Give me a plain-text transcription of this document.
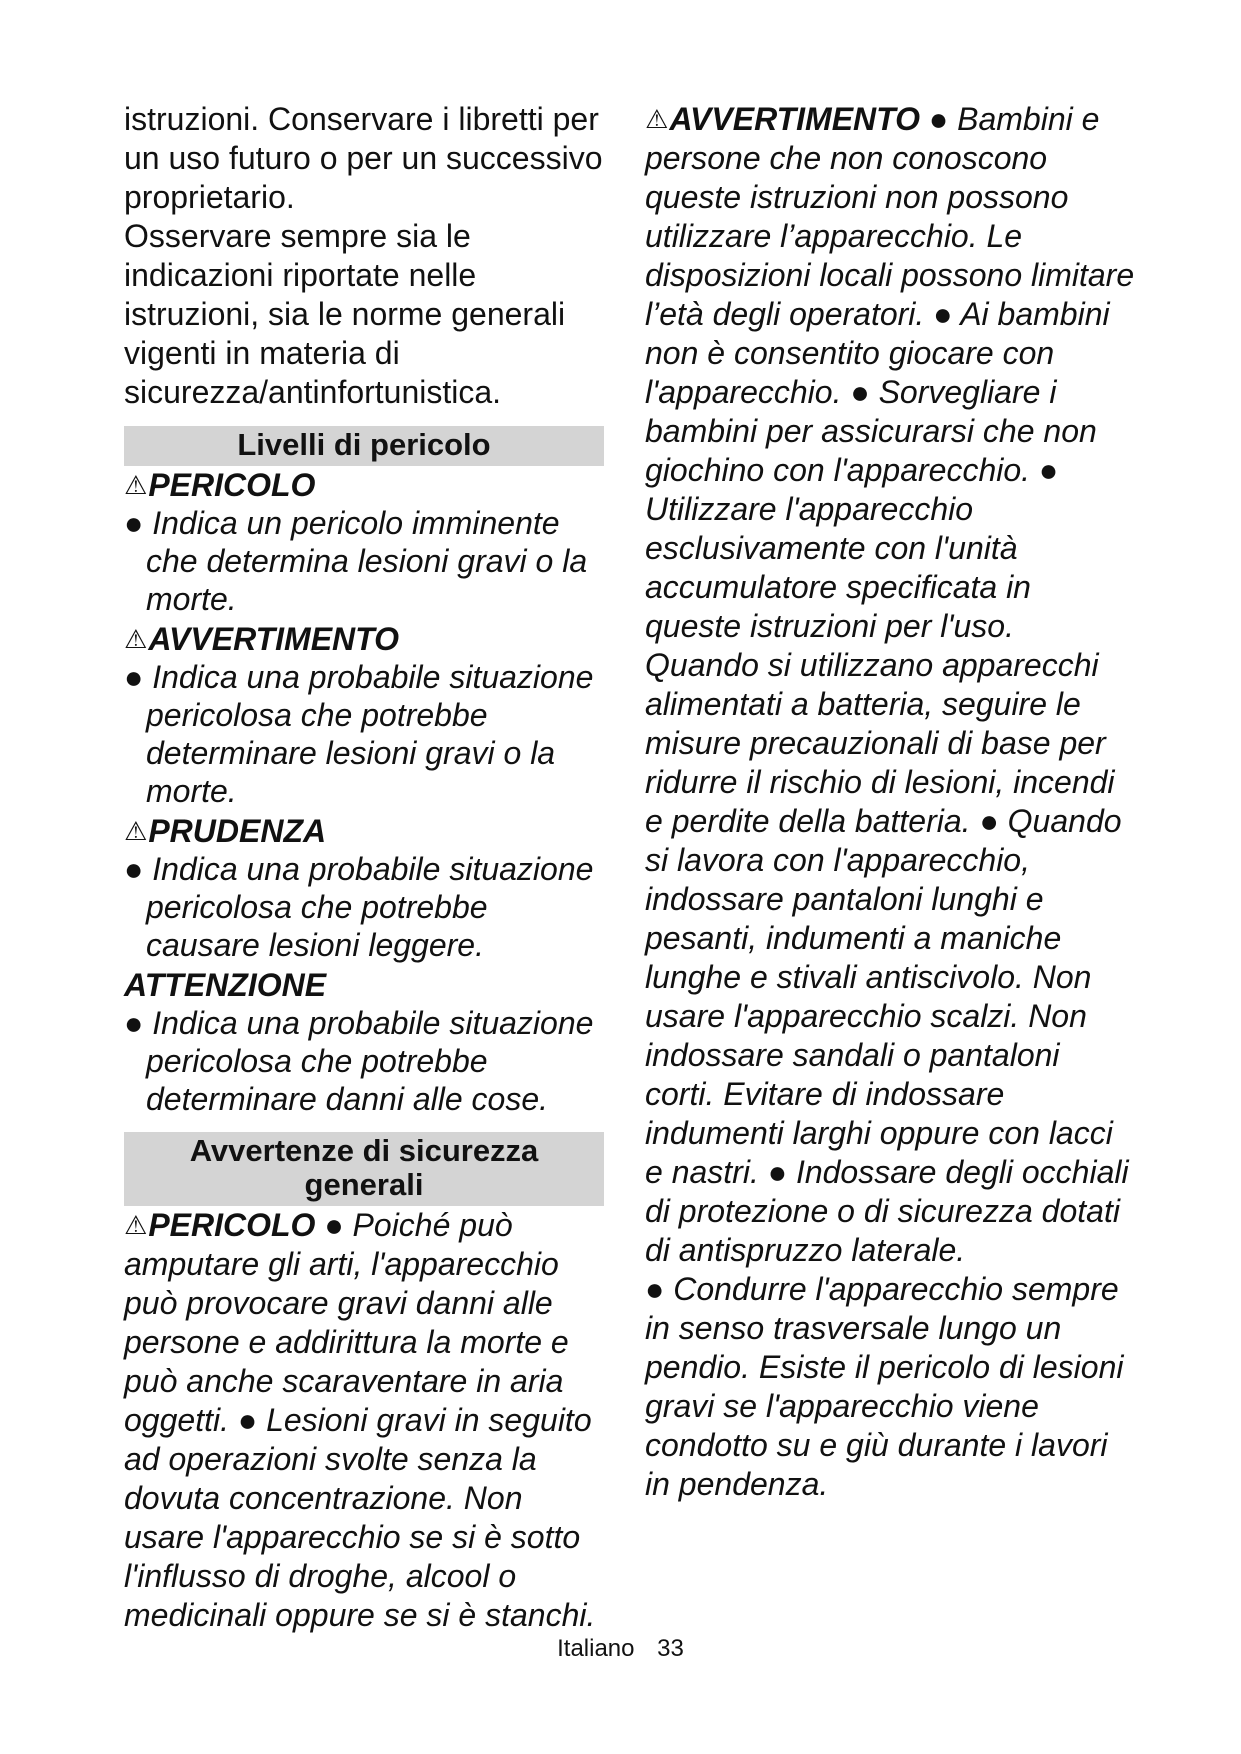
istruzioni. Conservare i libretti per un uso futuro o per un successivo proprietario.

Osservare sempre sia le indicazioni riportate nelle istruzioni, sia le norme generali vigenti in materia di sicurezza/antinfortunistica.

Livelli di pericolo

⚠PERICOLO

● Indica un pericolo imminente che determina lesioni gravi o la morte.

⚠AVVERTIMENTO

● Indica una probabile situazione pericolosa che potrebbe determinare lesioni gravi o la morte.

⚠PRUDENZA

● Indica una probabile situazione pericolosa che potrebbe causare lesioni leggere.

ATTENZIONE

● Indica una probabile situazione pericolosa che potrebbe determinare danni alle cose.

Avvertenze di sicurezza generali

⚠PERICOLO ● Poiché può amputare gli arti, l'apparecchio può provocare gravi danni alle persone e addirittura la morte e può anche scaraventare in aria oggetti. ● Lesioni gravi in seguito ad operazioni svolte senza la dovuta concentrazione. Non usare l'apparecchio se si è sotto l'influsso di droghe, alcool o medicinali oppure se si è stanchi.

⚠AVVERTIMENTO ● Bambini e persone che non conoscono queste istruzioni non possono utilizzare l’apparecchio. Le disposizioni locali possono limitare l’età degli operatori. ● Ai bambini non è consentito giocare con l'apparecchio. ● Sorvegliare i bambini per assicurarsi che non giochino con l'apparecchio. ● Utilizzare l'apparecchio esclusivamente con l'unità accumulatore specificata in queste istruzioni per l'uso. Quando si utilizzano apparecchi alimentati a batteria, seguire le misure precauzionali di base per ridurre il rischio di lesioni, incendi e perdite della batteria. ● Quando si lavora con l'apparecchio, indossare pantaloni lunghi e pesanti, indumenti a maniche lunghe e stivali antiscivolo. Non usare l'apparecchio scalzi. Non indossare sandali o pantaloni corti. Evitare di indossare indumenti larghi oppure con lacci e nastri. ● Indossare degli occhiali di protezione o di sicurezza dotati di antispruzzo laterale.

● Condurre l'apparecchio sempre in senso trasversale lungo un pendio. Esiste il pericolo di lesioni gravi se l'apparecchio viene condotto su e giù durante i lavori in pendenza.

Italiano 33
